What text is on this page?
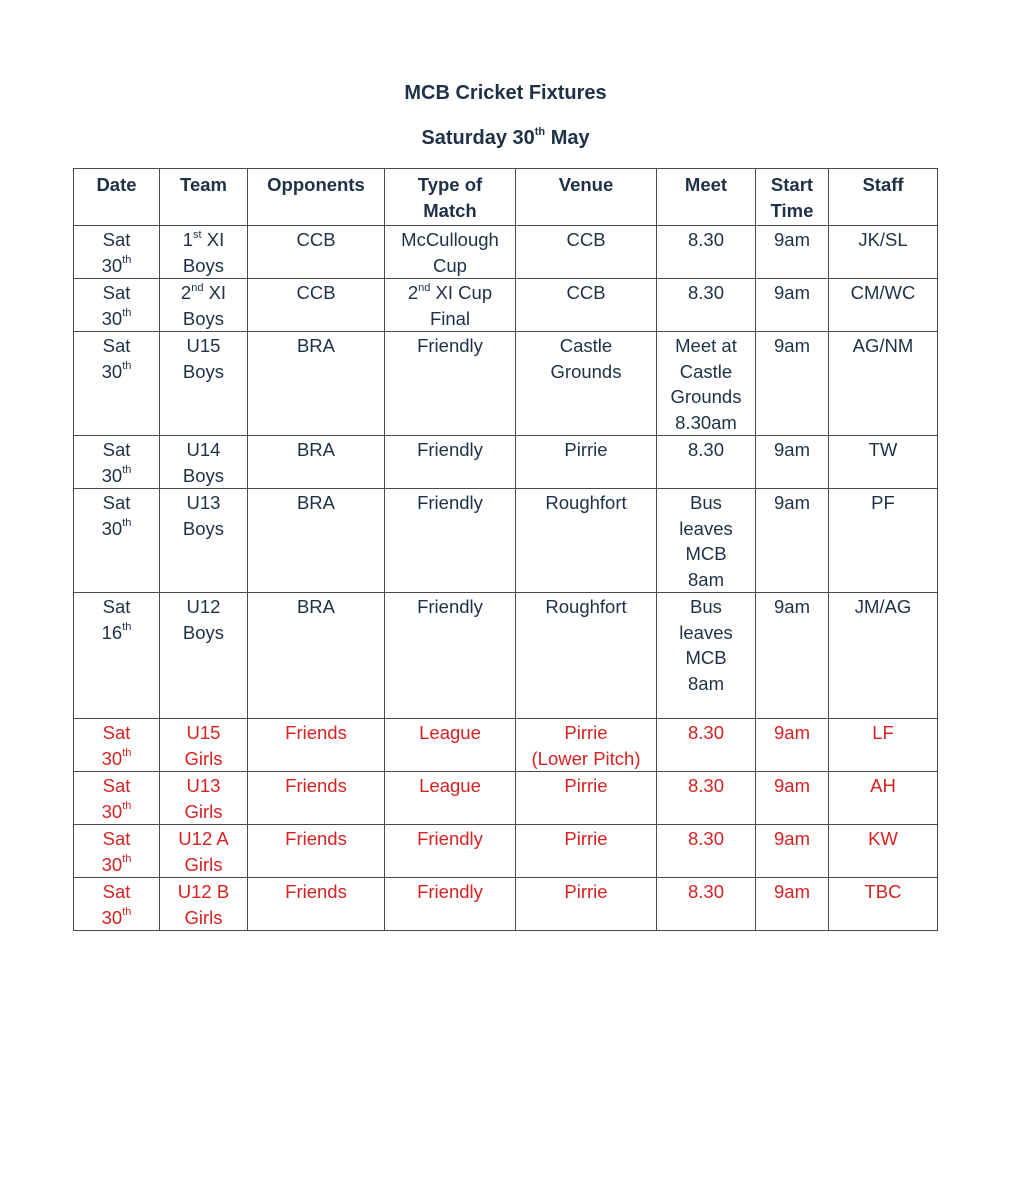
MCB Cricket Fixtures
Saturday 30th May
Date	Team	Opponents	Type of
Match	Venue	Meet	Start
Time	Staff
Sat
30th	1st XI
Boys	CCB	McCullough
Cup	CCB	8.30	9am	JK/SL
Sat
30th	2nd XI
Boys	CCB	2nd XI Cup
Final	CCB	8.30	9am	CM/WC
Sat
30th	U15
Boys	BRA	Friendly	Castle
Grounds	Meet at
Castle
Grounds
8.30am	9am	AG/NM
Sat
30th	U14
Boys	BRA	Friendly	Pirrie	8.30	9am	TW
Sat
30th	U13
Boys	BRA	Friendly	Roughfort	Bus
leaves
MCB
8am	9am	PF
Sat
16th	U12
Boys	BRA	Friendly	Roughfort	Bus
leaves
MCB
8am	9am	JM/AG
Sat
30th	U15
Girls	Friends	League	Pirrie
(Lower Pitch)	8.30	9am	LF
Sat
30th	U13
Girls	Friends	League	Pirrie	8.30	9am	AH
Sat
30th	U12 A
Girls	Friends	Friendly	Pirrie	8.30	9am	KW
Sat
30th	U12 B
Girls	Friends	Friendly	Pirrie	8.30	9am	TBC
